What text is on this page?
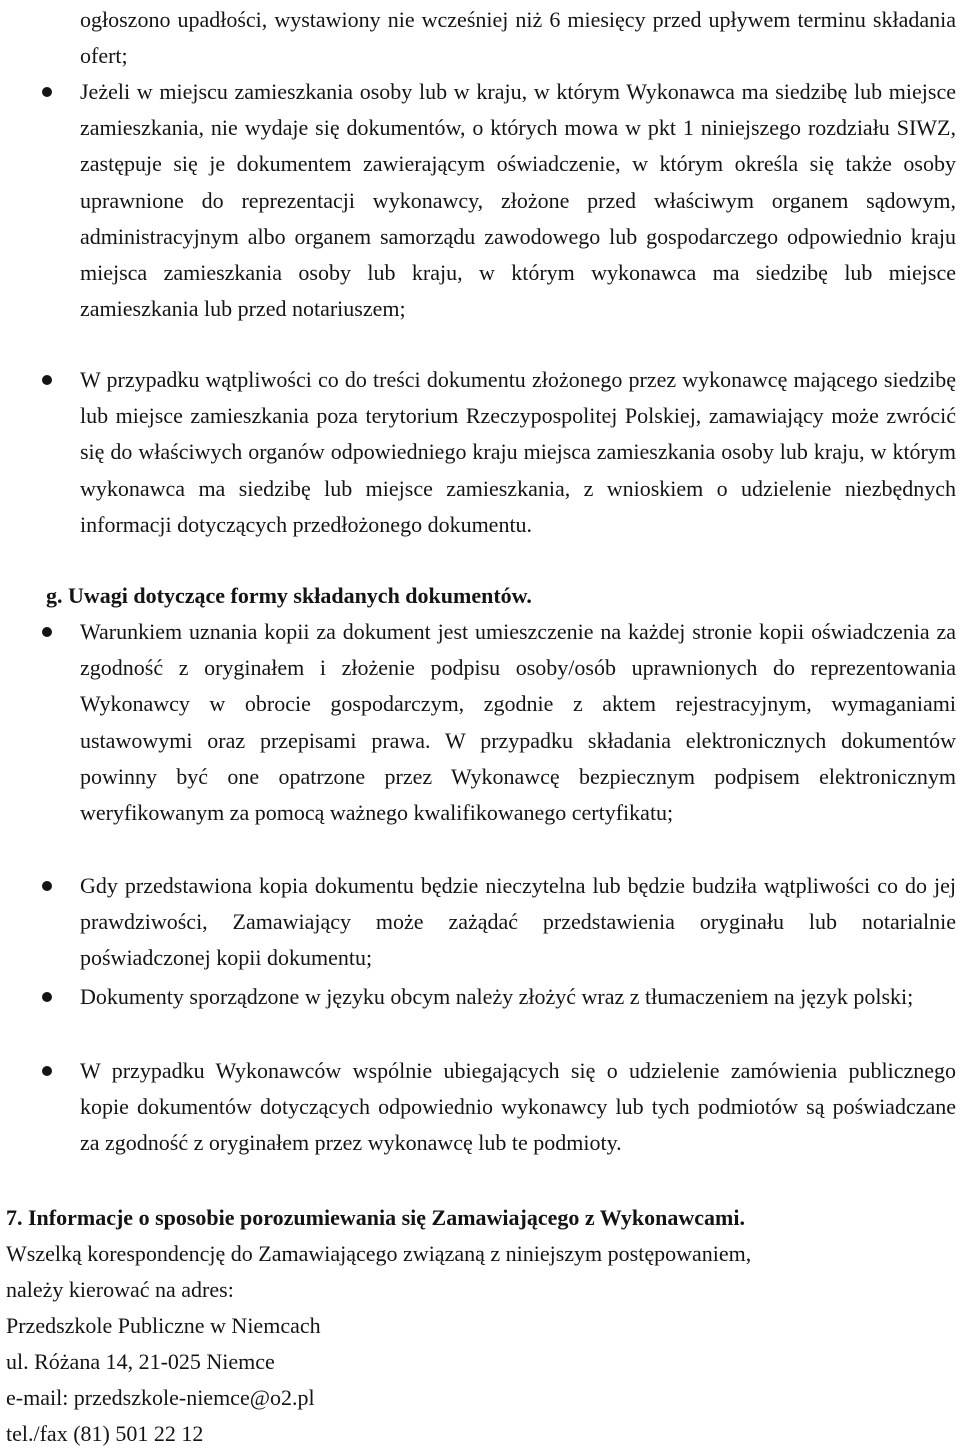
ogłoszono upadłości, wystawiony nie wcześniej niż 6 miesięcy przed upływem terminu składania ofert;
Jeżeli w miejscu zamieszkania osoby lub w kraju, w którym Wykonawca ma siedzibę lub miejsce zamieszkania, nie wydaje się dokumentów, o których mowa w pkt 1 niniejszego rozdziału SIWZ, zastępuje się je dokumentem zawierającym oświadczenie, w którym określa się także osoby uprawnione do reprezentacji wykonawcy, złożone przed właściwym organem sądowym, administracyjnym albo organem samorządu zawodowego lub gospodarczego odpowiednio kraju miejsca zamieszkania osoby lub kraju, w którym wykonawca ma siedzibę lub miejsce zamieszkania lub przed notariuszem;
W przypadku wątpliwości co do treści dokumentu złożonego przez wykonawcę mającego siedzibę lub miejsce zamieszkania poza terytorium Rzeczypospolitej Polskiej, zamawiający może zwrócić się do właściwych organów odpowiedniego kraju miejsca zamieszkania osoby lub kraju, w którym wykonawca ma siedzibę lub miejsce zamieszkania, z wnioskiem o udzielenie niezbędnych informacji dotyczących przedłożonego dokumentu.
g. Uwagi dotyczące formy składanych dokumentów.
Warunkiem uznania kopii za dokument jest umieszczenie na każdej stronie kopii oświadczenia za zgodność z oryginałem i złożenie podpisu osoby/osób uprawnionych do reprezentowania Wykonawcy w obrocie gospodarczym, zgodnie z aktem rejestracyjnym, wymaganiami ustawowymi oraz przepisami prawa. W przypadku składania elektronicznych dokumentów powinny być one opatrzone przez Wykonawcę bezpiecznym podpisem elektronicznym weryfikowanym za pomocą ważnego kwalifikowanego certyfikatu;
Gdy przedstawiona kopia dokumentu będzie nieczytelna lub będzie budziła wątpliwości co do jej prawdziwości, Zamawiający może zażądać przedstawienia oryginału lub notarialnie poświadczonej kopii dokumentu;
Dokumenty sporządzone w języku obcym należy złożyć wraz z tłumaczeniem na język polski;
W przypadku Wykonawców wspólnie ubiegających się o udzielenie zamówienia publicznego kopie dokumentów dotyczących odpowiednio wykonawcy lub tych podmiotów są poświadczane za zgodność z oryginałem przez wykonawcę lub te podmioty.
7. Informacje o sposobie porozumiewania się Zamawiającego z Wykonawcami.
Wszelką korespondencję do Zamawiającego związaną z niniejszym postępowaniem,
należy kierować na adres:
Przedszkole Publiczne w Niemcach
ul. Różana 14, 21-025 Niemce
e-mail: przedszkole-niemce@o2.pl
tel./fax (81) 501 22 12
